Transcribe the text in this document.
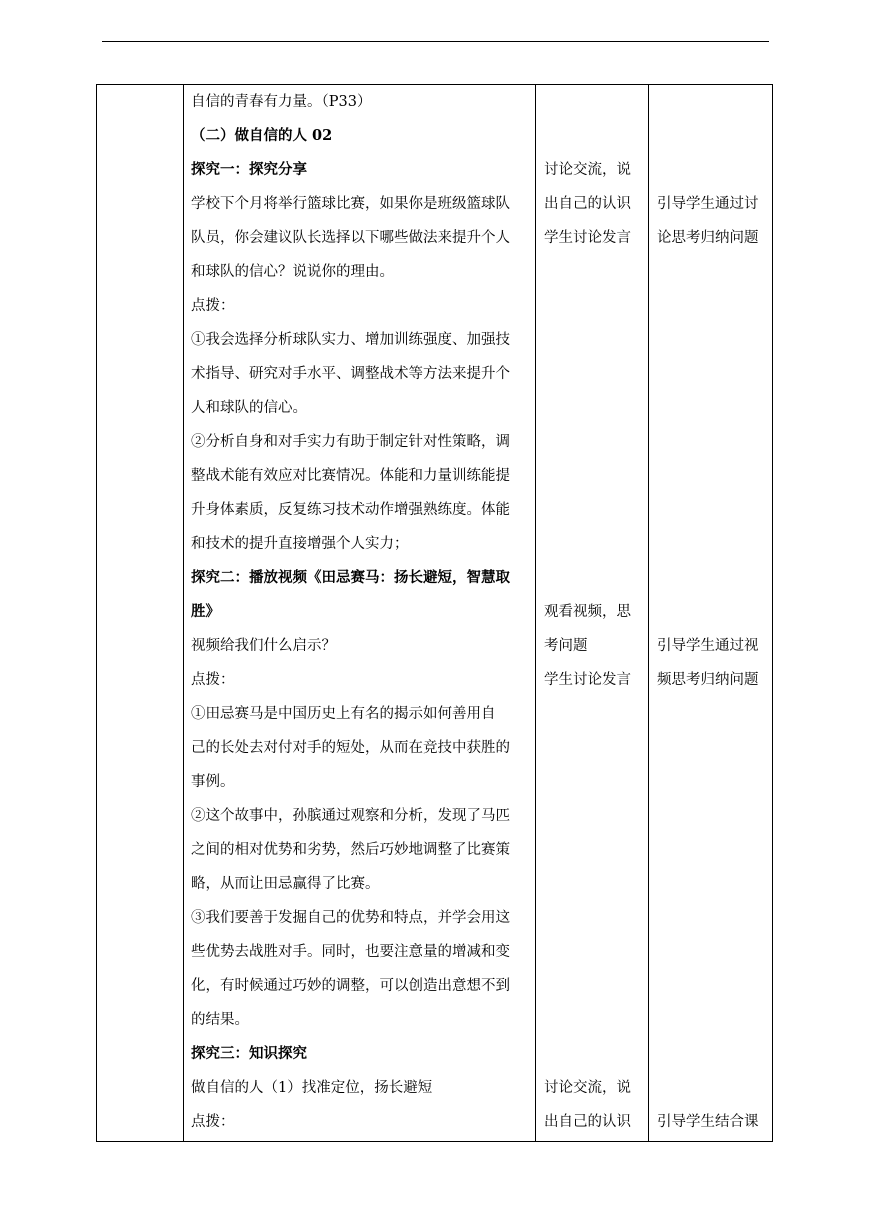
自信的青春有力量。（P33）
（二）做自信的人 02
探究一：探究分享
学校下个月将举行篮球比赛，如果你是班级篮球队
队员，你会建议队长选择以下哪些做法来提升个人
和球队的信心？说说你的理由。
点拨：
①我会选择分析球队实力、增加训练强度、加强技
术指导、研究对手水平、调整战术等方法来提升个
人和球队的信心。
②分析自身和对手实力有助于制定针对性策略，调
整战术能有效应对比赛情况。体能和力量训练能提
升身体素质，反复练习技术动作增强熟练度。体能
和技术的提升直接增强个人实力；
探究二：播放视频《田忌赛马：扬长避短，智慧取
胜》
视频给我们什么启示？
点拨：
①田忌赛马是中国历史上有名的揭示如何善用自
己的长处去对付对手的短处，从而在竞技中获胜的
事例。
②这个故事中，孙膑通过观察和分析，发现了马匹
之间的相对优势和劣势，然后巧妙地调整了比赛策
略，从而让田忌赢得了比赛。
③我们要善于发掘自己的优势和特点，并学会用这
些优势去战胜对手。同时，也要注意量的增减和变
化，有时候通过巧妙的调整，可以创造出意想不到
的结果。
探究三：知识探究
做自信的人（1）找准定位，扬长避短
点拨：
讨论交流，说
出自己的认识
学生讨论发言
观看视频，思
考问题
学生讨论发言
讨论交流，说
出自己的认识
引导学生通过讨
论思考归纳问题
引导学生通过视
频思考归纳问题
引导学生结合课
